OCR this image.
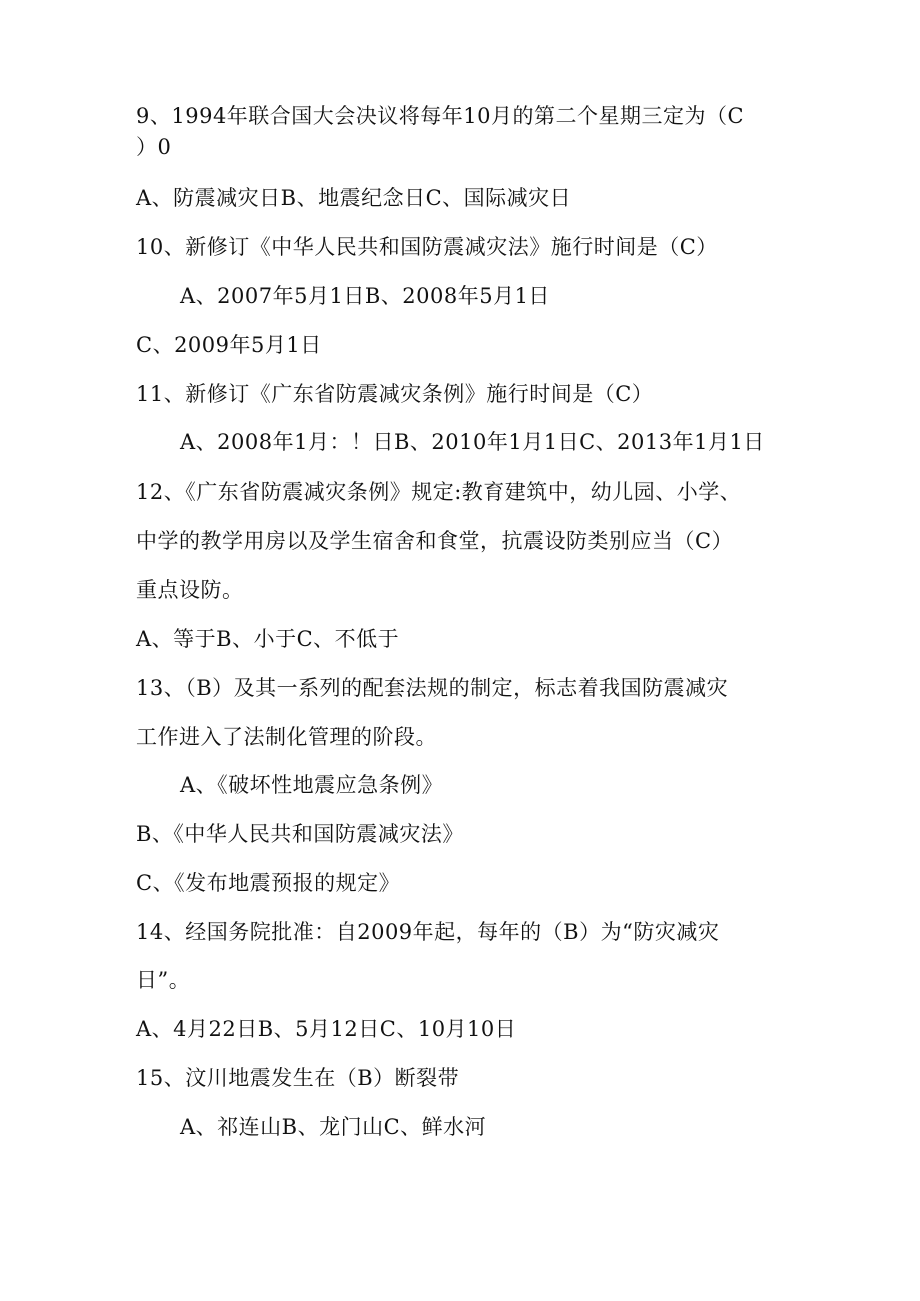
9、1994年联合国大会决议将每年10月的第二个星期三定为（C
）0
A、防震减灾日B、地震纪念日C、国际减灾日
10、新修订《中华人民共和国防震减灾法》施行时间是（C）
A、2007年5月1日B、2008年5月1日
C、2009年5月1日
11、新修订《广东省防震减灾条例》施行时间是（C）
A、2008年1月：！日B、2010年1月1日C、2013年1月1日
12、《广东省防震减灾条例》规定:教育建筑中，幼儿园、小学、
中学的教学用房以及学生宿舍和食堂，抗震设防类别应当（C）
重点设防。
A、等于B、小于C、不低于
13、（B）及其一系列的配套法规的制定，标志着我国防震减灾
工作进入了法制化管理的阶段。
A、《破坏性地震应急条例》
B、《中华人民共和国防震减灾法》
C、《发布地震预报的规定》
14、经国务院批准：自2009年起，每年的（B）为“防灾减灾
日”。
A、4月22日B、5月12日C、10月10日
15、汶川地震发生在（B）断裂带
A、祁连山B、龙门山C、鲜水河
